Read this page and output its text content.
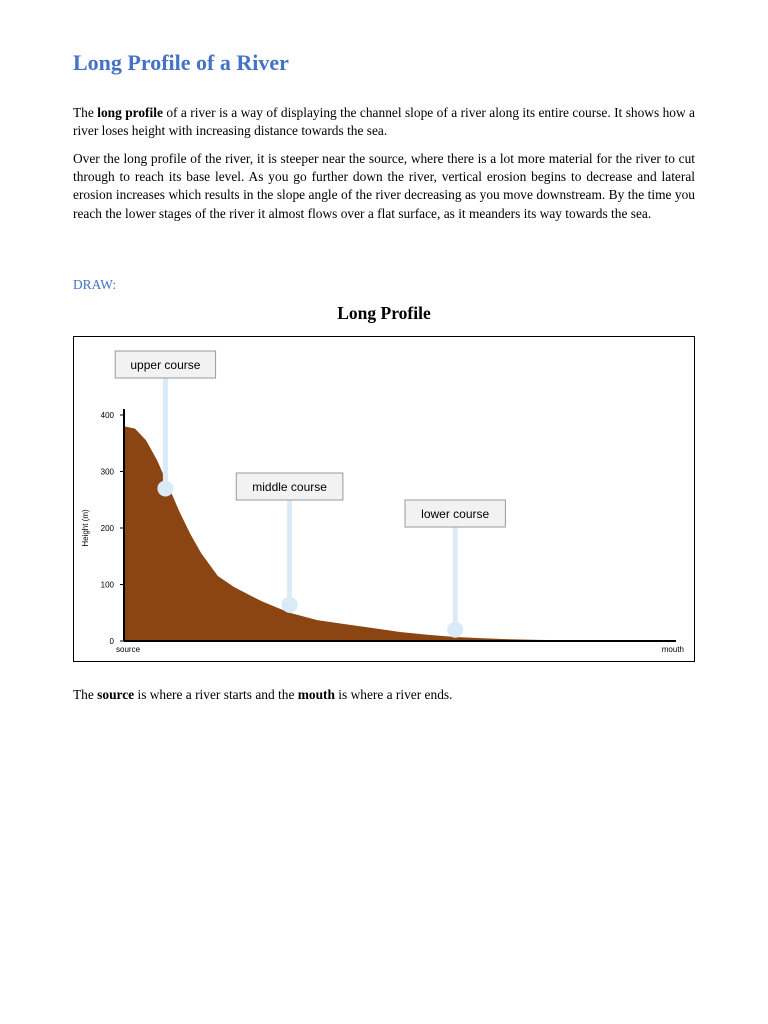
Long Profile of a River

The long profile of a river is a way of displaying the channel slope of a river along its entire course. It shows how a river loses height with increasing distance towards the sea.

Over the long profile of the river, it is steeper near the source, where there is a lot more material for the river to cut through to reach its base level. As you go further down the river, vertical erosion begins to decrease and lateral erosion increases which results in the slope angle of the river decreasing as you move downstream. By the time you reach the lower stages of the river it almost flows over a flat surface, as it meanders its way towards the sea.

DRAW:
Long Profile
0
100
200
300
400
Height (m)
source	mouth
upper course
middle course
lower course

The source is where a river starts and the mouth is where a river ends.
